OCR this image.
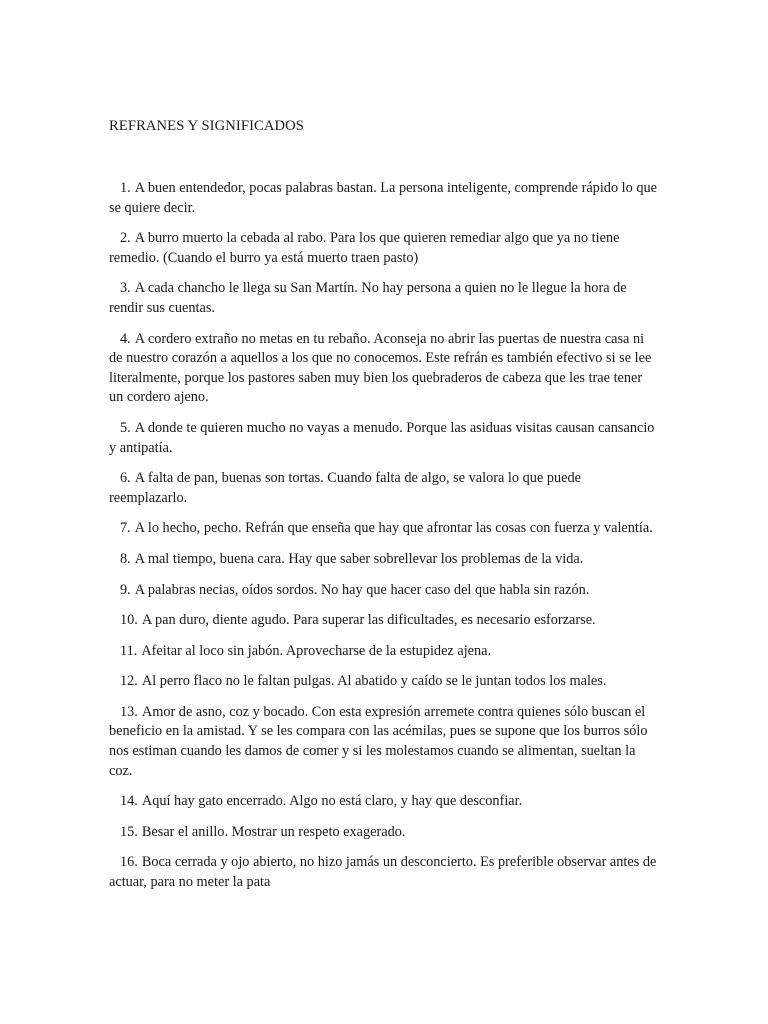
REFRANES Y SIGNIFICADOS
1. A buen entendedor, pocas palabras bastan. La persona inteligente, comprende rápido lo que se quiere decir.
2. A burro muerto la cebada al rabo. Para los que quieren remediar algo que ya no tiene remedio. (Cuando el burro ya está muerto traen pasto)
3. A cada chancho le llega su San Martín. No hay persona a quien no le llegue la hora de rendir sus cuentas.
4. A cordero extraño no metas en tu rebaño. Aconseja no abrir las puertas de nuestra casa ni de nuestro corazón a aquellos a los que no conocemos. Este refrán es también efectivo si se lee literalmente, porque los pastores saben muy bien los quebraderos de cabeza que les trae tener un cordero ajeno.
5. A donde te quieren mucho no vayas a menudo. Porque las asiduas visitas causan cansancio y antipatía.
6. A falta de pan, buenas son tortas. Cuando falta de algo, se valora lo que puede reemplazarlo.
7. A lo hecho, pecho. Refrán que enseña que hay que afrontar las cosas con fuerza y valentía.
8. A mal tiempo, buena cara. Hay que saber sobrellevar los problemas de la vida.
9. A palabras necias, oídos sordos. No hay que hacer caso del que habla sin razón.
10. A pan duro, diente agudo. Para superar las dificultades, es necesario esforzarse.
11. Afeitar al loco sin jabón. Aprovecharse de la estupidez ajena.
12. Al perro flaco no le faltan pulgas. Al abatido y caído se le juntan todos los males.
13. Amor de asno, coz y bocado. Con esta expresión arremete contra quienes sólo buscan el beneficio en la amistad. Y se les compara con las acémilas, pues se supone que los burros sólo nos estiman cuando les damos de comer y si les molestamos cuando se alimentan, sueltan la coz.
14. Aquí hay gato encerrado. Algo no está claro, y hay que desconfiar.
15. Besar el anillo. Mostrar un respeto exagerado.
16. Boca cerrada y ojo abierto, no hizo jamás un desconcierto. Es preferible observar antes de actuar, para no meter la pata
